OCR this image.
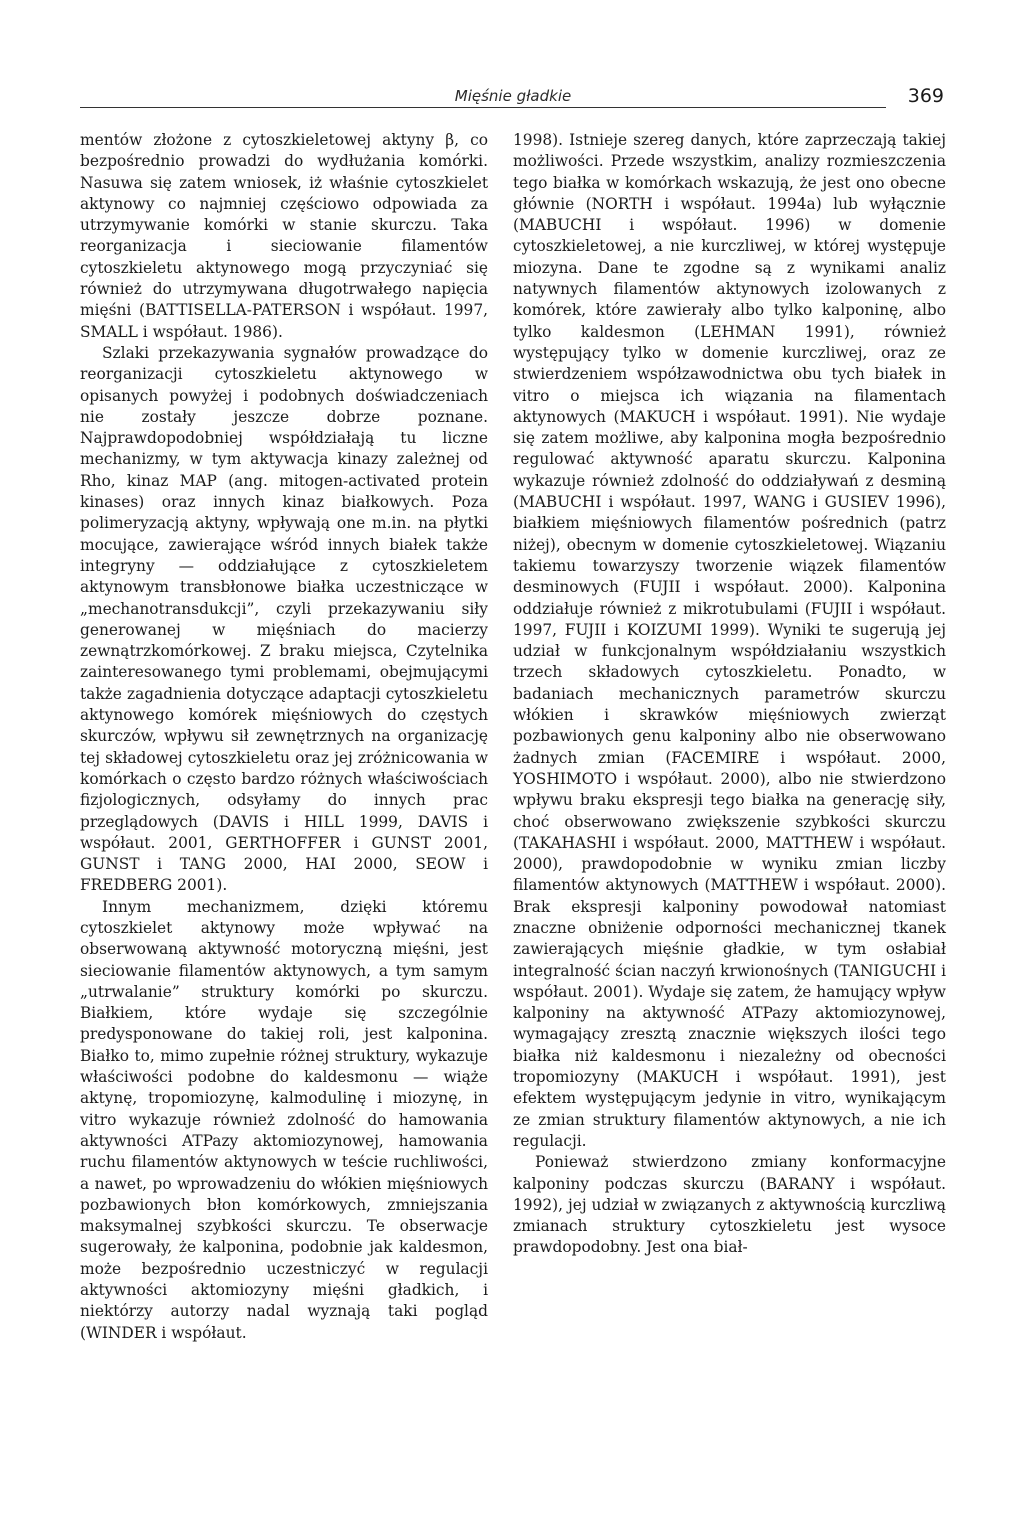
Mięśnie gładkie	369

mentów złożone z cytoszkieletowej aktyny β, co bezpośrednio prowadzi do wydłużania komórki. Nasuwa się zatem wniosek, iż właśnie cytoszkielet aktynowy co najmniej częściowo odpowiada za utrzymywanie komórki w stanie skurczu. Taka reorganizacja i sieciowanie filamentów cytoszkieletu aktynowego mogą przyczyniać się również do utrzymywana długotrwałego napięcia mięśni (BATTISELLA-PATERSON i współaut. 1997, SMALL i współaut. 1986).

Szlaki przekazywania sygnałów prowadzące do reorganizacji cytoszkieletu aktynowego w opisanych powyżej i podobnych doświadczeniach nie zostały jeszcze dobrze poznane. Najprawdopodobniej współdziałają tu liczne mechanizmy, w tym aktywacja kinazy zależnej od Rho, kinaz MAP (ang. mitogen-activated protein kinases) oraz innych kinaz białkowych. Poza polimeryzacją aktyny, wpływają one m.in. na płytki mocujące, zawierające wśród innych białek także integryny — oddziałujące z cytoszkieletem aktynowym transbłonowe białka uczestniczące w „mechanotransdukcji”, czyli przekazywaniu siły generowanej w mięśniach do macierzy zewnątrzkomórkowej. Z braku miejsca, Czytelnika zainteresowanego tymi problemami, obejmującymi także zagadnienia dotyczące adaptacji cytoszkieletu aktynowego komórek mięśniowych do częstych skurczów, wpływu sił zewnętrznych na organizację tej składowej cytoszkieletu oraz jej zróżnicowania w komórkach o często bardzo różnych właściwościach fizjologicznych, odsyłamy do innych prac przeglądowych (DAVIS i HILL 1999, DAVIS i współaut. 2001, GERTHOFFER i GUNST 2001, GUNST i TANG 2000, HAI 2000, SEOW i FREDBERG 2001).

Innym mechanizmem, dzięki któremu cytoszkielet aktynowy może wpływać na obserwowaną aktywność motoryczną mięśni, jest sieciowanie filamentów aktynowych, a tym samym „utrwalanie” struktury komórki po skurczu. Białkiem, które wydaje się szczególnie predysponowane do takiej roli, jest kalponina. Białko to, mimo zupełnie różnej struktury, wykazuje właściwości podobne do kaldesmonu — wiąże aktynę, tropomiozynę, kalmodulinę i miozynę, in vitro wykazuje również zdolność do hamowania aktywności ATPazy aktomiozynowej, hamowania ruchu filamentów aktynowych w teście ruchliwości, a nawet, po wprowadzeniu do włókien mięśniowych pozbawionych błon komórkowych, zmniejszania maksymalnej szybkości skurczu. Te obserwacje sugerowały, że kalponina, podobnie jak kaldesmon, może bezpośrednio uczestniczyć w regulacji aktywności aktomiozyny mięśni gładkich, i niektórzy autorzy nadal wyznają taki pogląd (WINDER i współaut.

1998). Istnieje szereg danych, które zaprzeczają takiej możliwości. Przede wszystkim, analizy rozmieszczenia tego białka w komórkach wskazują, że jest ono obecne głównie (NORTH i współaut. 1994a) lub wyłącznie (MABUCHI i współaut. 1996) w domenie cytoszkieletowej, a nie kurczliwej, w której występuje miozyna. Dane te zgodne są z wynikami analiz natywnych filamentów aktynowych izolowanych z komórek, które zawierały albo tylko kalponinę, albo tylko kaldesmon (LEHMAN 1991), również występujący tylko w domenie kurczliwej, oraz ze stwierdzeniem współzawodnictwa obu tych białek in vitro o miejsca ich wiązania na filamentach aktynowych (MAKUCH i współaut. 1991). Nie wydaje się zatem możliwe, aby kalponina mogła bezpośrednio regulować aktywność aparatu skurczu. Kalponina wykazuje również zdolność do oddziaływań z desminą (MABUCHI i współaut. 1997, WANG i GUSIEV 1996), białkiem mięśniowych filamentów pośrednich (patrz niżej), obecnym w domenie cytoszkieletowej. Wiązaniu takiemu towarzyszy tworzenie wiązek filamentów desminowych (FUJII i współaut. 2000). Kalponina oddziałuje również z mikrotubulami (FUJII i współaut. 1997, FUJII i KOIZUMI 1999). Wyniki te sugerują jej udział w funkcjonalnym współdziałaniu wszystkich trzech składowych cytoszkieletu. Ponadto, w badaniach mechanicznych parametrów skurczu włókien i skrawków mięśniowych zwierząt pozbawionych genu kalponiny albo nie obserwowano żadnych zmian (FACEMIRE i współaut. 2000, YOSHIMOTO i współaut. 2000), albo nie stwierdzono wpływu braku ekspresji tego białka na generację siły, choć obserwowano zwiększenie szybkości skurczu (TAKAHASHI i współaut. 2000, MATTHEW i współaut. 2000), prawdopodobnie w wyniku zmian liczby filamentów aktynowych (MATTHEW i współaut. 2000). Brak ekspresji kalponiny powodował natomiast znaczne obniżenie odporności mechanicznej tkanek zawierających mięśnie gładkie, w tym osłabiał integralność ścian naczyń krwionośnych (TANIGUCHI i współaut. 2001). Wydaje się zatem, że hamujący wpływ kalponiny na aktywność ATPazy aktomiozynowej, wymagający zresztą znacznie większych ilości tego białka niż kaldesmonu i niezależny od obecności tropomiozyny (MAKUCH i współaut. 1991), jest efektem występującym jedynie in vitro, wynikającym ze zmian struktury filamentów aktynowych, a nie ich regulacji.

Ponieważ stwierdzono zmiany konformacyjne kalponiny podczas skurczu (BARANY i współaut. 1992), jej udział w związanych z aktywnością kurczliwą zmianach struktury cytoszkieletu jest wysoce prawdopodobny. Jest ona biał-
